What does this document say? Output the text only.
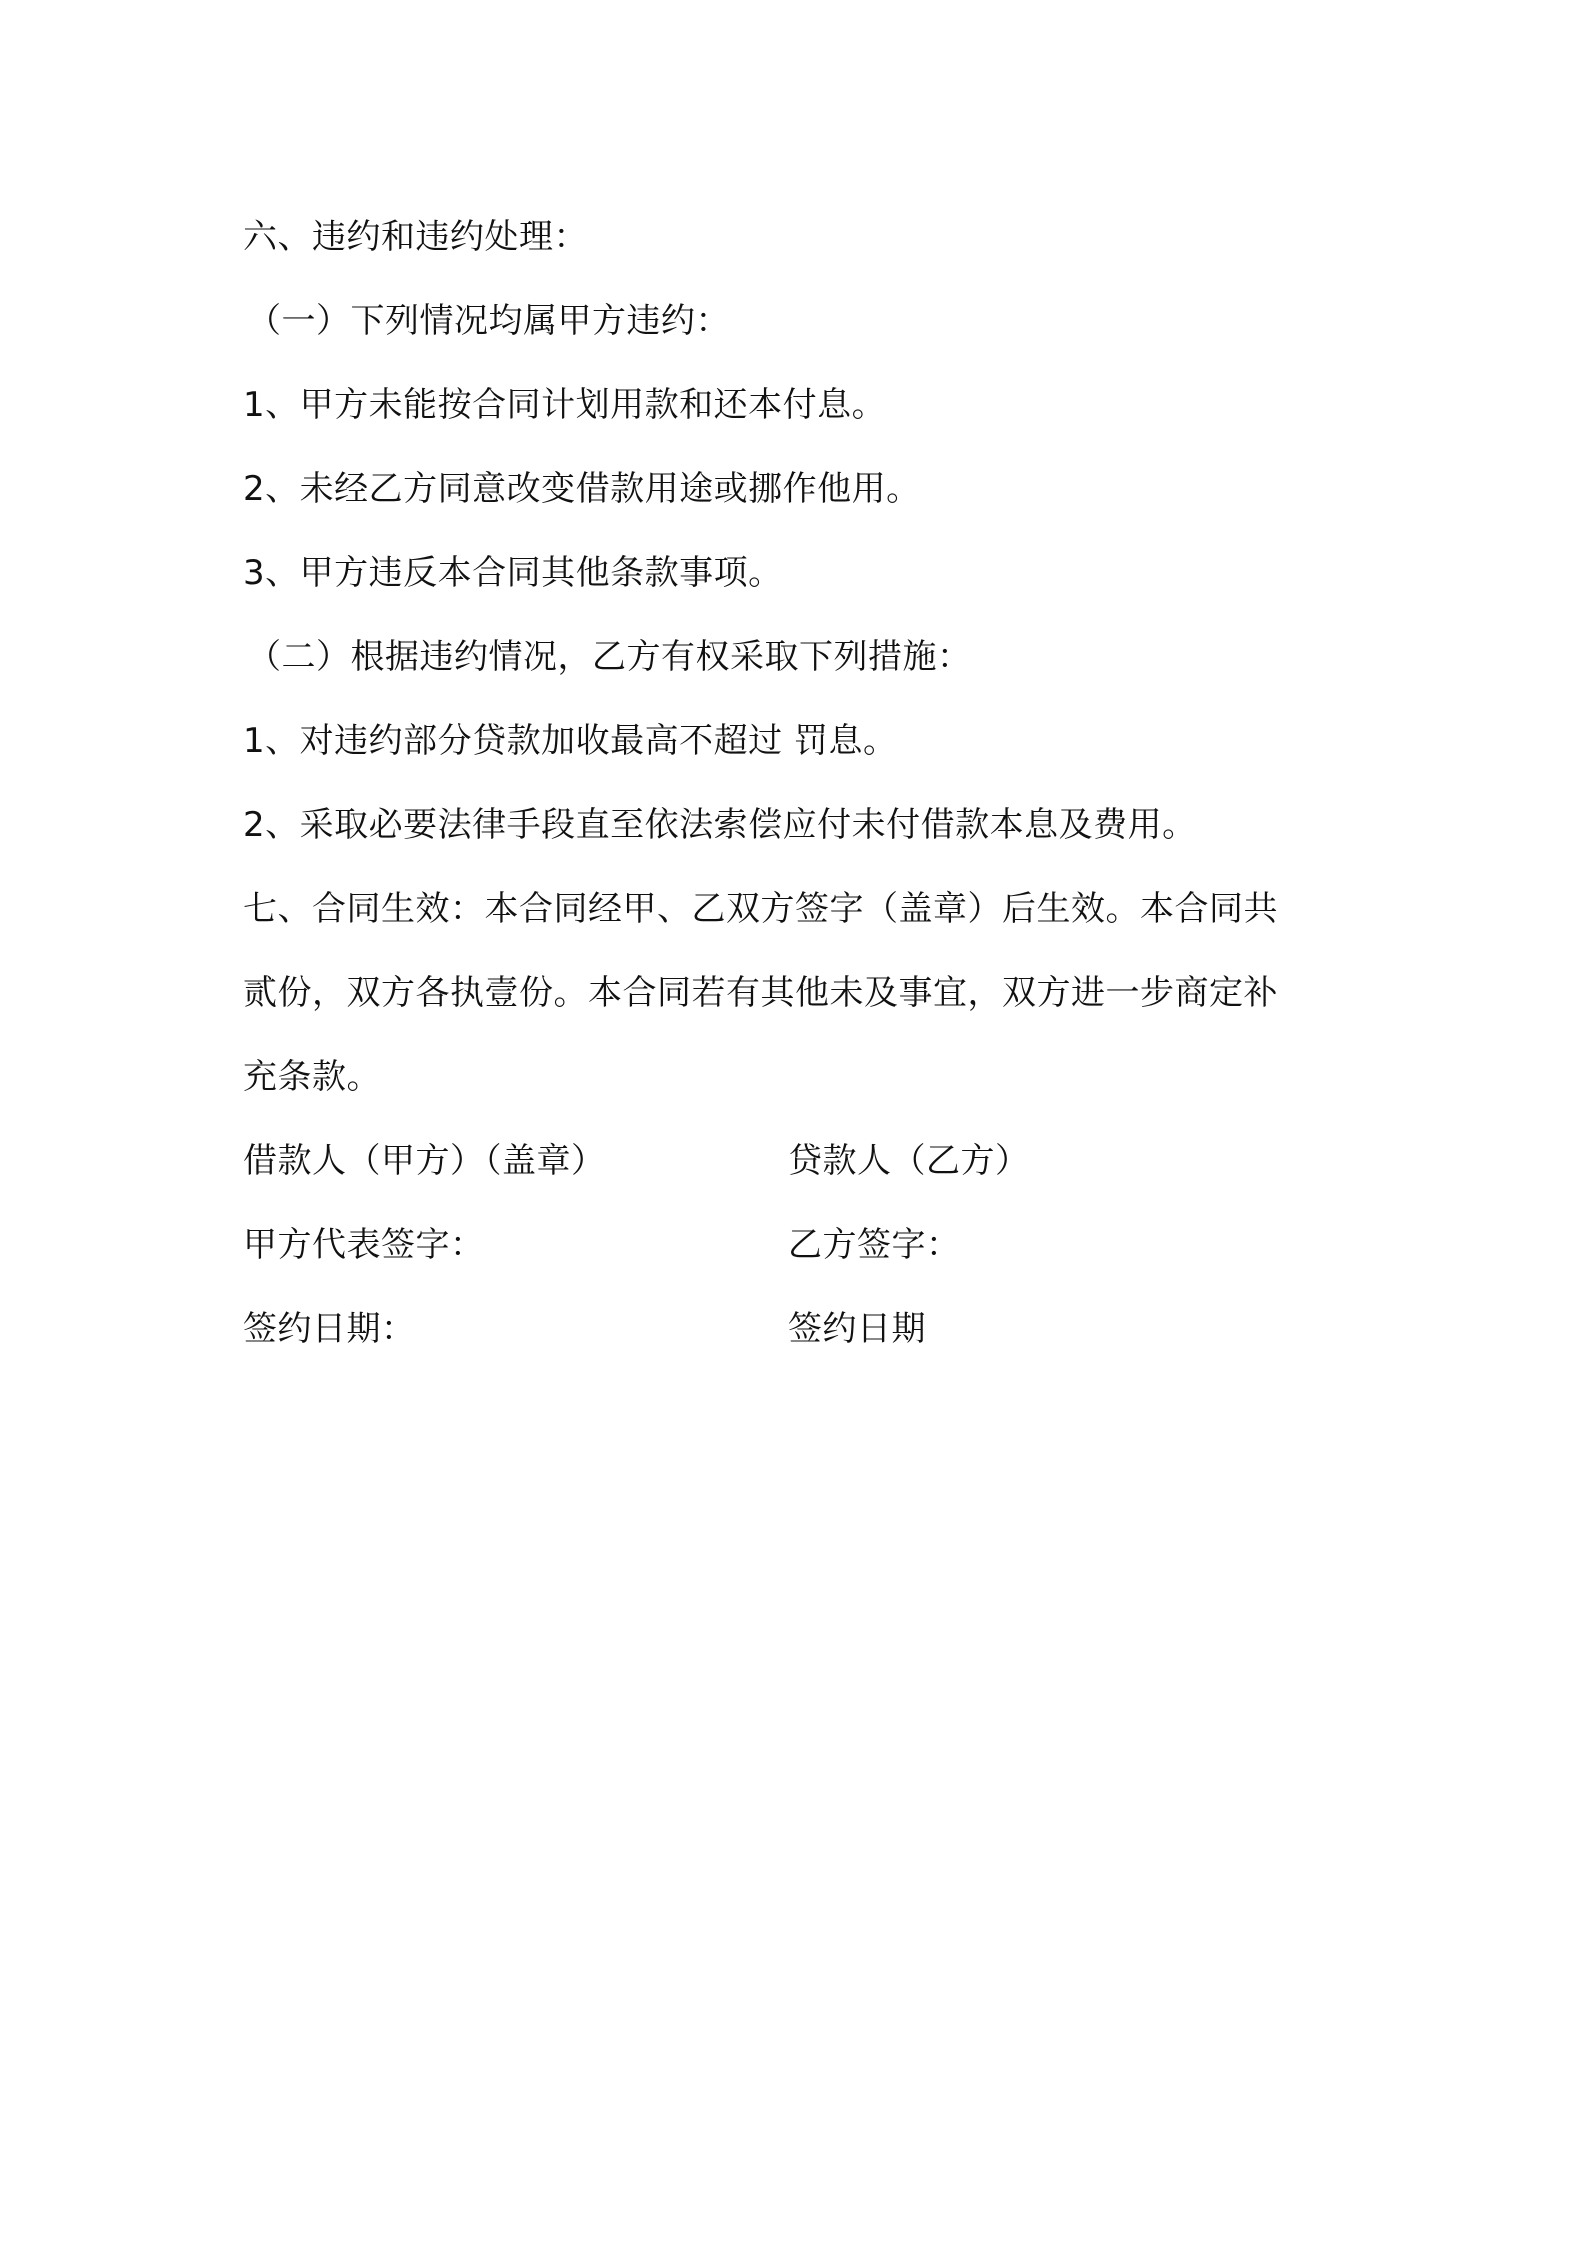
六、违约和违约处理：
（一）下列情况均属甲方违约：
1、甲方未能按合同计划用款和还本付息。
2、未经乙方同意改变借款用途或挪作他用。
3、甲方违反本合同其他条款事项。
（二）根据违约情况，乙方有权采取下列措施：
1、对违约部分贷款加收最高不超过 罚息。
2、采取必要法律手段直至依法索偿应付未付借款本息及费用。
七、合同生效：本合同经甲、乙双方签字（盖章）后生效。本合同共
贰份，双方各执壹份。本合同若有其他未及事宜，双方进一步商定补
充条款。
借款人（甲方）（盖章）	贷款人（乙方）
甲方代表签字：	乙方签字：
签约日期：	签约日期
